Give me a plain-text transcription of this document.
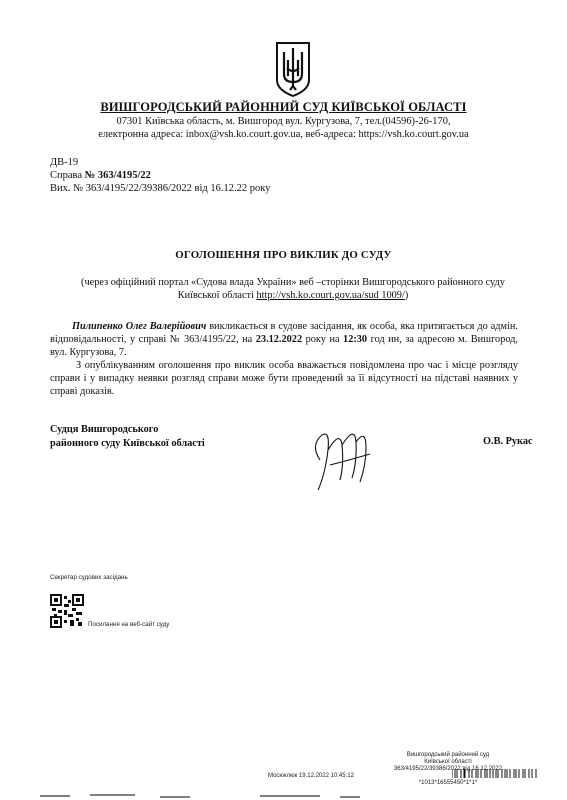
ВИШГОРОДСЬКИЙ РАЙОННИЙ СУД КИЇВСЬКОЇ ОБЛАСТІ
07301 Київська область, м. Вишгород вул. Кургузова, 7, тел.(04596)-26-170,
електронна адреса: inbox@vsh.ko.court.gov.ua, веб-адреса: https://vsh.ko.court.gov.ua
ДВ-19
Справа № 363/4195/22
Вих. № 363/4195/22/39386/2022 від 16.12.22 року
ОГОЛОШЕННЯ ПРО ВИКЛИК ДО СУДУ
(через офіційний портал «Судова влада України» веб –сторінки Вишгородського районного суду Київської області http://vsh.ko.court.gov.ua/sud 1009/)
Пилипенко Олег Валерійович викликається в судове засідання, як особа, яка притягається до адмін. відповідальності, у справі № 363/4195/22, на 23.12.2022 року на 12:30 год ин, за адресою м. Вишгород, вул. Кургузова, 7.
З опублікуванням оголошення про виклик особа вважається повідомлена про час і місце розгляду справи і у випадку неявки розгляд справи може бути проведений за її відсутності на підставі наявних у справі доказів.
Судця Вишгородського
районного суду Київської області	О.В. Рукас
Секретар судових засідань
Посилання на веб-сайт суду
Вишгородський районний суд
Київської області
363/4195/22/39386/2022 від 16.12.2022
Мосюклюк 19.12.2022 10:45:12
*1013*16555450*1*1*
